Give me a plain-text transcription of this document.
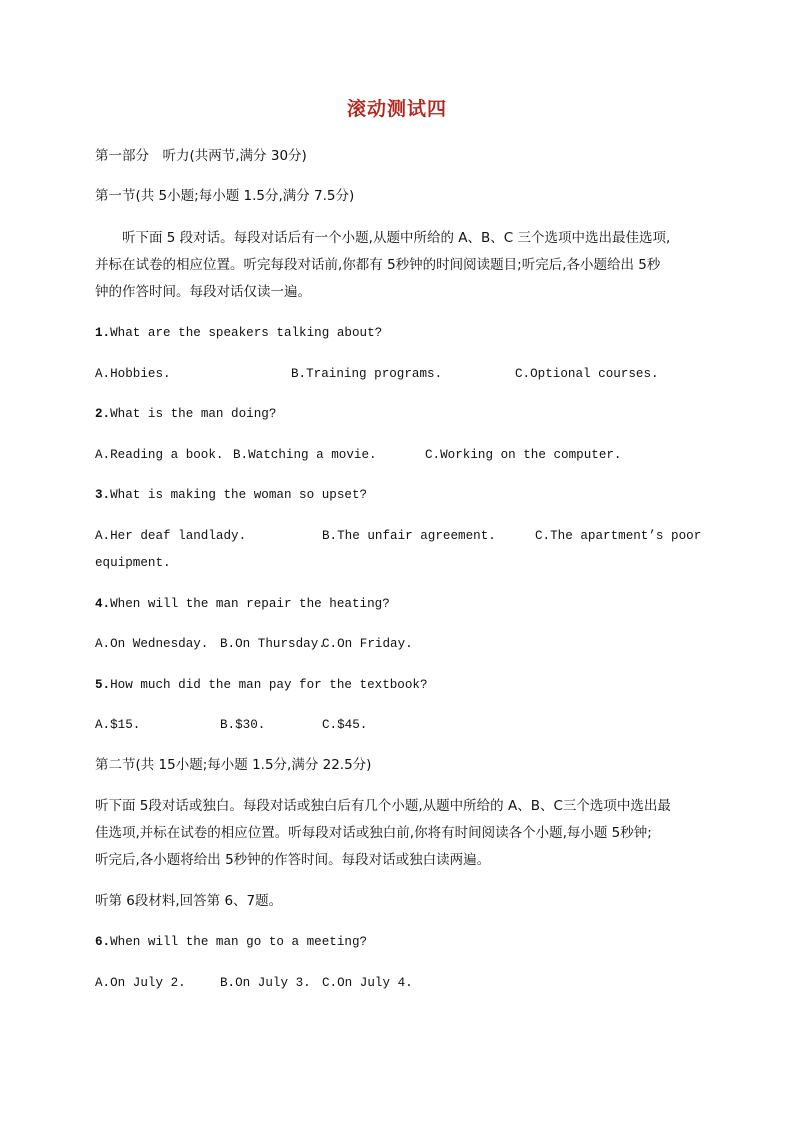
滚动测试四
第一部分　听力(共两节,满分 30分)
第一节(共 5小题;每小题 1.5分,满分 7.5分)
听下面 5 段对话。每段对话后有一个小题,从题中所给的 A、B、C 三个选项中选出最佳选项,
并标在试卷的相应位置。听完每段对话前,你都有 5秒钟的时间阅读题目;听完后,各小题给出 5秒
钟的作答时间。每段对话仅读一遍。
1.What are the speakers talking about?
A.Hobbies.	B.Training programs.	C.Optional courses.
2.What is the man doing?
A.Reading a book. B.Watching a movie.	C.Working on the computer.
3.What is making the woman so upset?
A.Her deaf landlady.	B.The unfair agreement.	C.The apartment’s poor
equipment.
4.When will the man repair the heating?
A.On Wednesday. B.On Thursday.
C.On Friday.
5.How much did the man pay for the textbook?
A.$15.	B.$30.	C.$45.
第二节(共 15小题;每小题 1.5分,满分 22.5分)
听下面 5段对话或独白。每段对话或独白后有几个小题,从题中所给的 A、B、C三个选项中选出最
佳选项,并标在试卷的相应位置。听每段对话或独白前,你将有时间阅读各个小题,每小题 5秒钟;
听完后,各小题将给出 5秒钟的作答时间。每段对话或独白读两遍。
听第 6段材料,回答第 6、7题。
6.When will the man go to a meeting?
A.On July 2.	B.On July 3. C.On July 4.
